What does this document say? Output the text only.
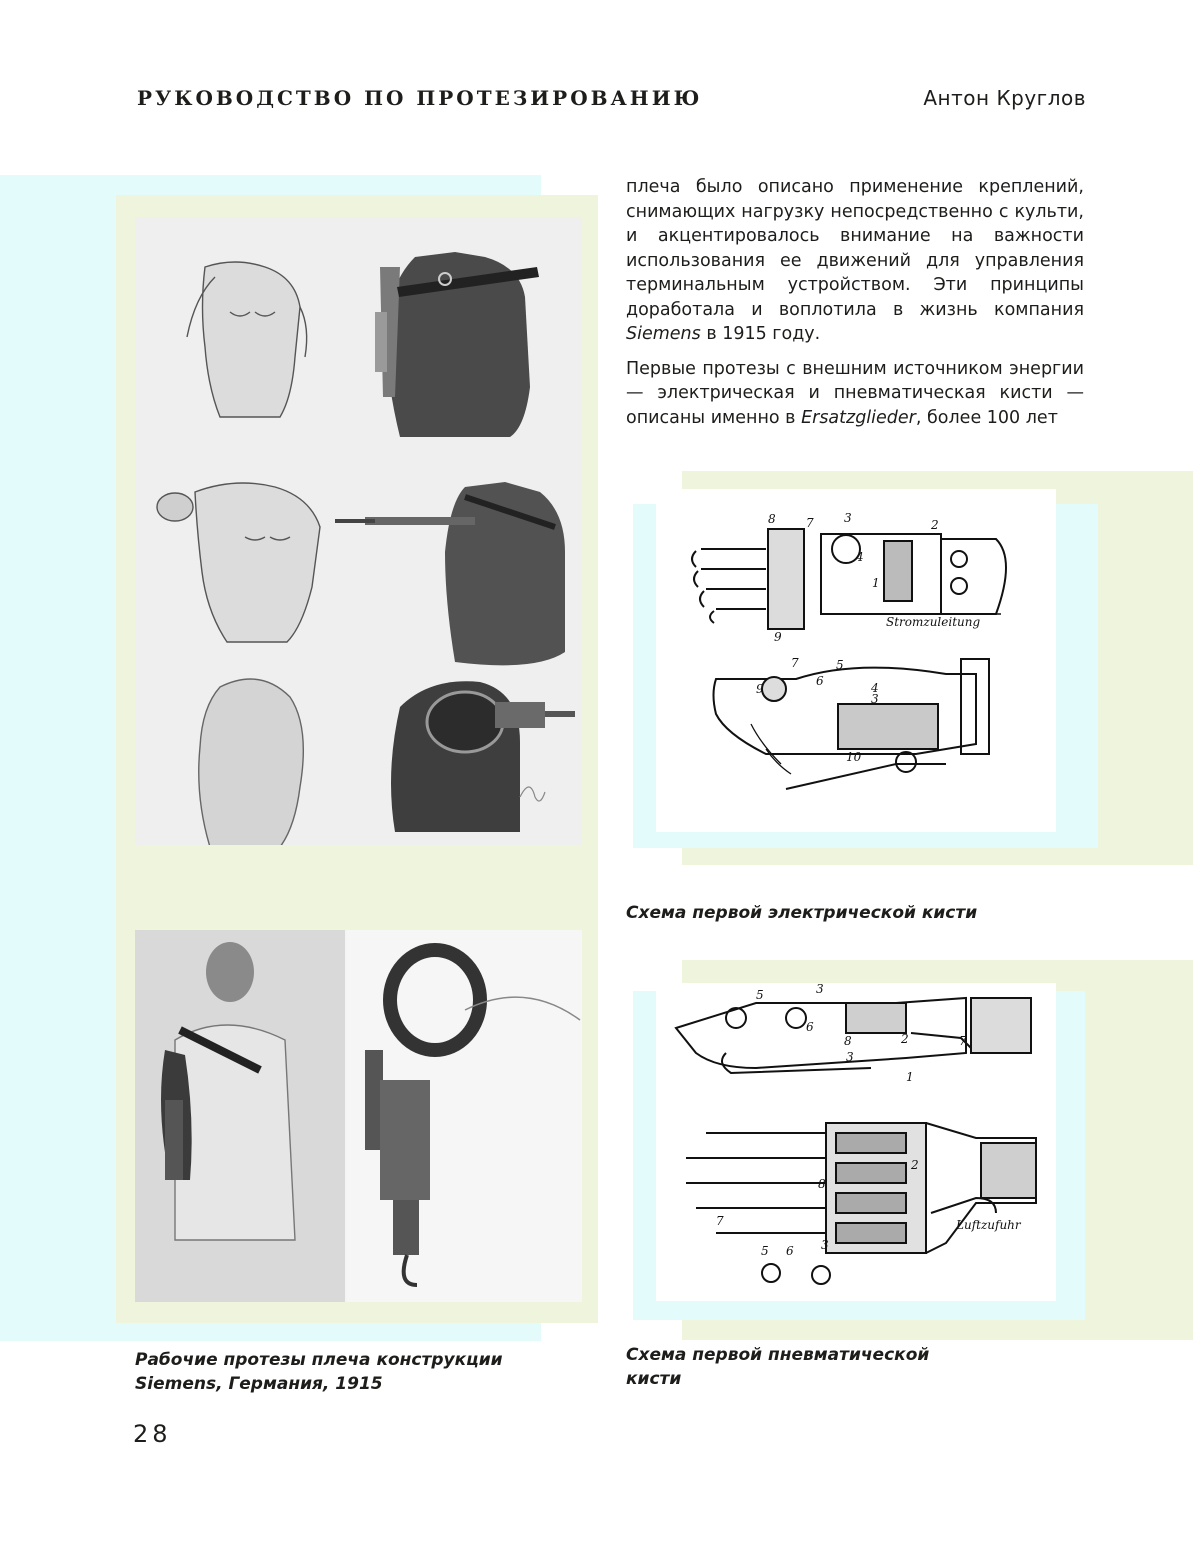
РУКОВОДСТВО ПО ПРОТЕЗИРОВАНИЮ	Антон Круглов
8	7	3	2
4
1
9
Stromzuleitung
7	5
6	4
3
9
10
5	3
6
8	2	7
3
1
2
8
7
5 6 3
Luftzufuhr

плеча было описано применение креплений, снимающих нагрузку непосредственно с культи, и акцентировалось внимание на важности использования ее движений для управления терминальным устройством. Эти принципы доработала и воплотила в жизнь компания Siemens в 1915 году.

Первые протезы с внешним источником энергии — электрическая и пневматическая кисти — описаны именно в Ersatzglieder, более 100 лет

Схема первой электрической кисти
Рабочие протезы плеча конструкции
Siemens, Германия, 1915
Схема первой пневматической
кисти
28
